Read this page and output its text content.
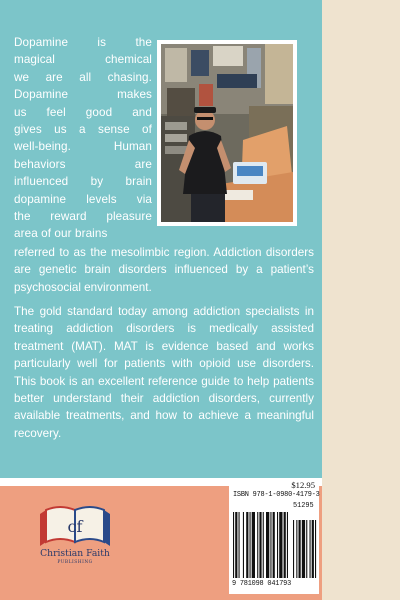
Dopamine is the
magical chemical
we are all chasing.
Dopamine makes
us feel good and
gives us a sense of
well-being. Human
behaviors are
influenced by brain
dopamine levels via
the reward pleasure
area of our brains
referred to as the mesolimbic region. Addiction disorders are genetic brain disorders influenced by a patient’s psychosocial environment.
The gold standard today among addiction specialists in treating addiction disorders is medically assisted treatment (MAT). MAT is evidence based and works particularly well for patients with opioid use disorders. This book is an excellent reference guide to help patients better understand their addiction disorders, currently available treatments, and how to achieve a meaningful recovery.
cf
Christian Faith
PUBLISHING
$12.95
ISBN 978-1-0980-4179-3
51295
9 781098 041793
